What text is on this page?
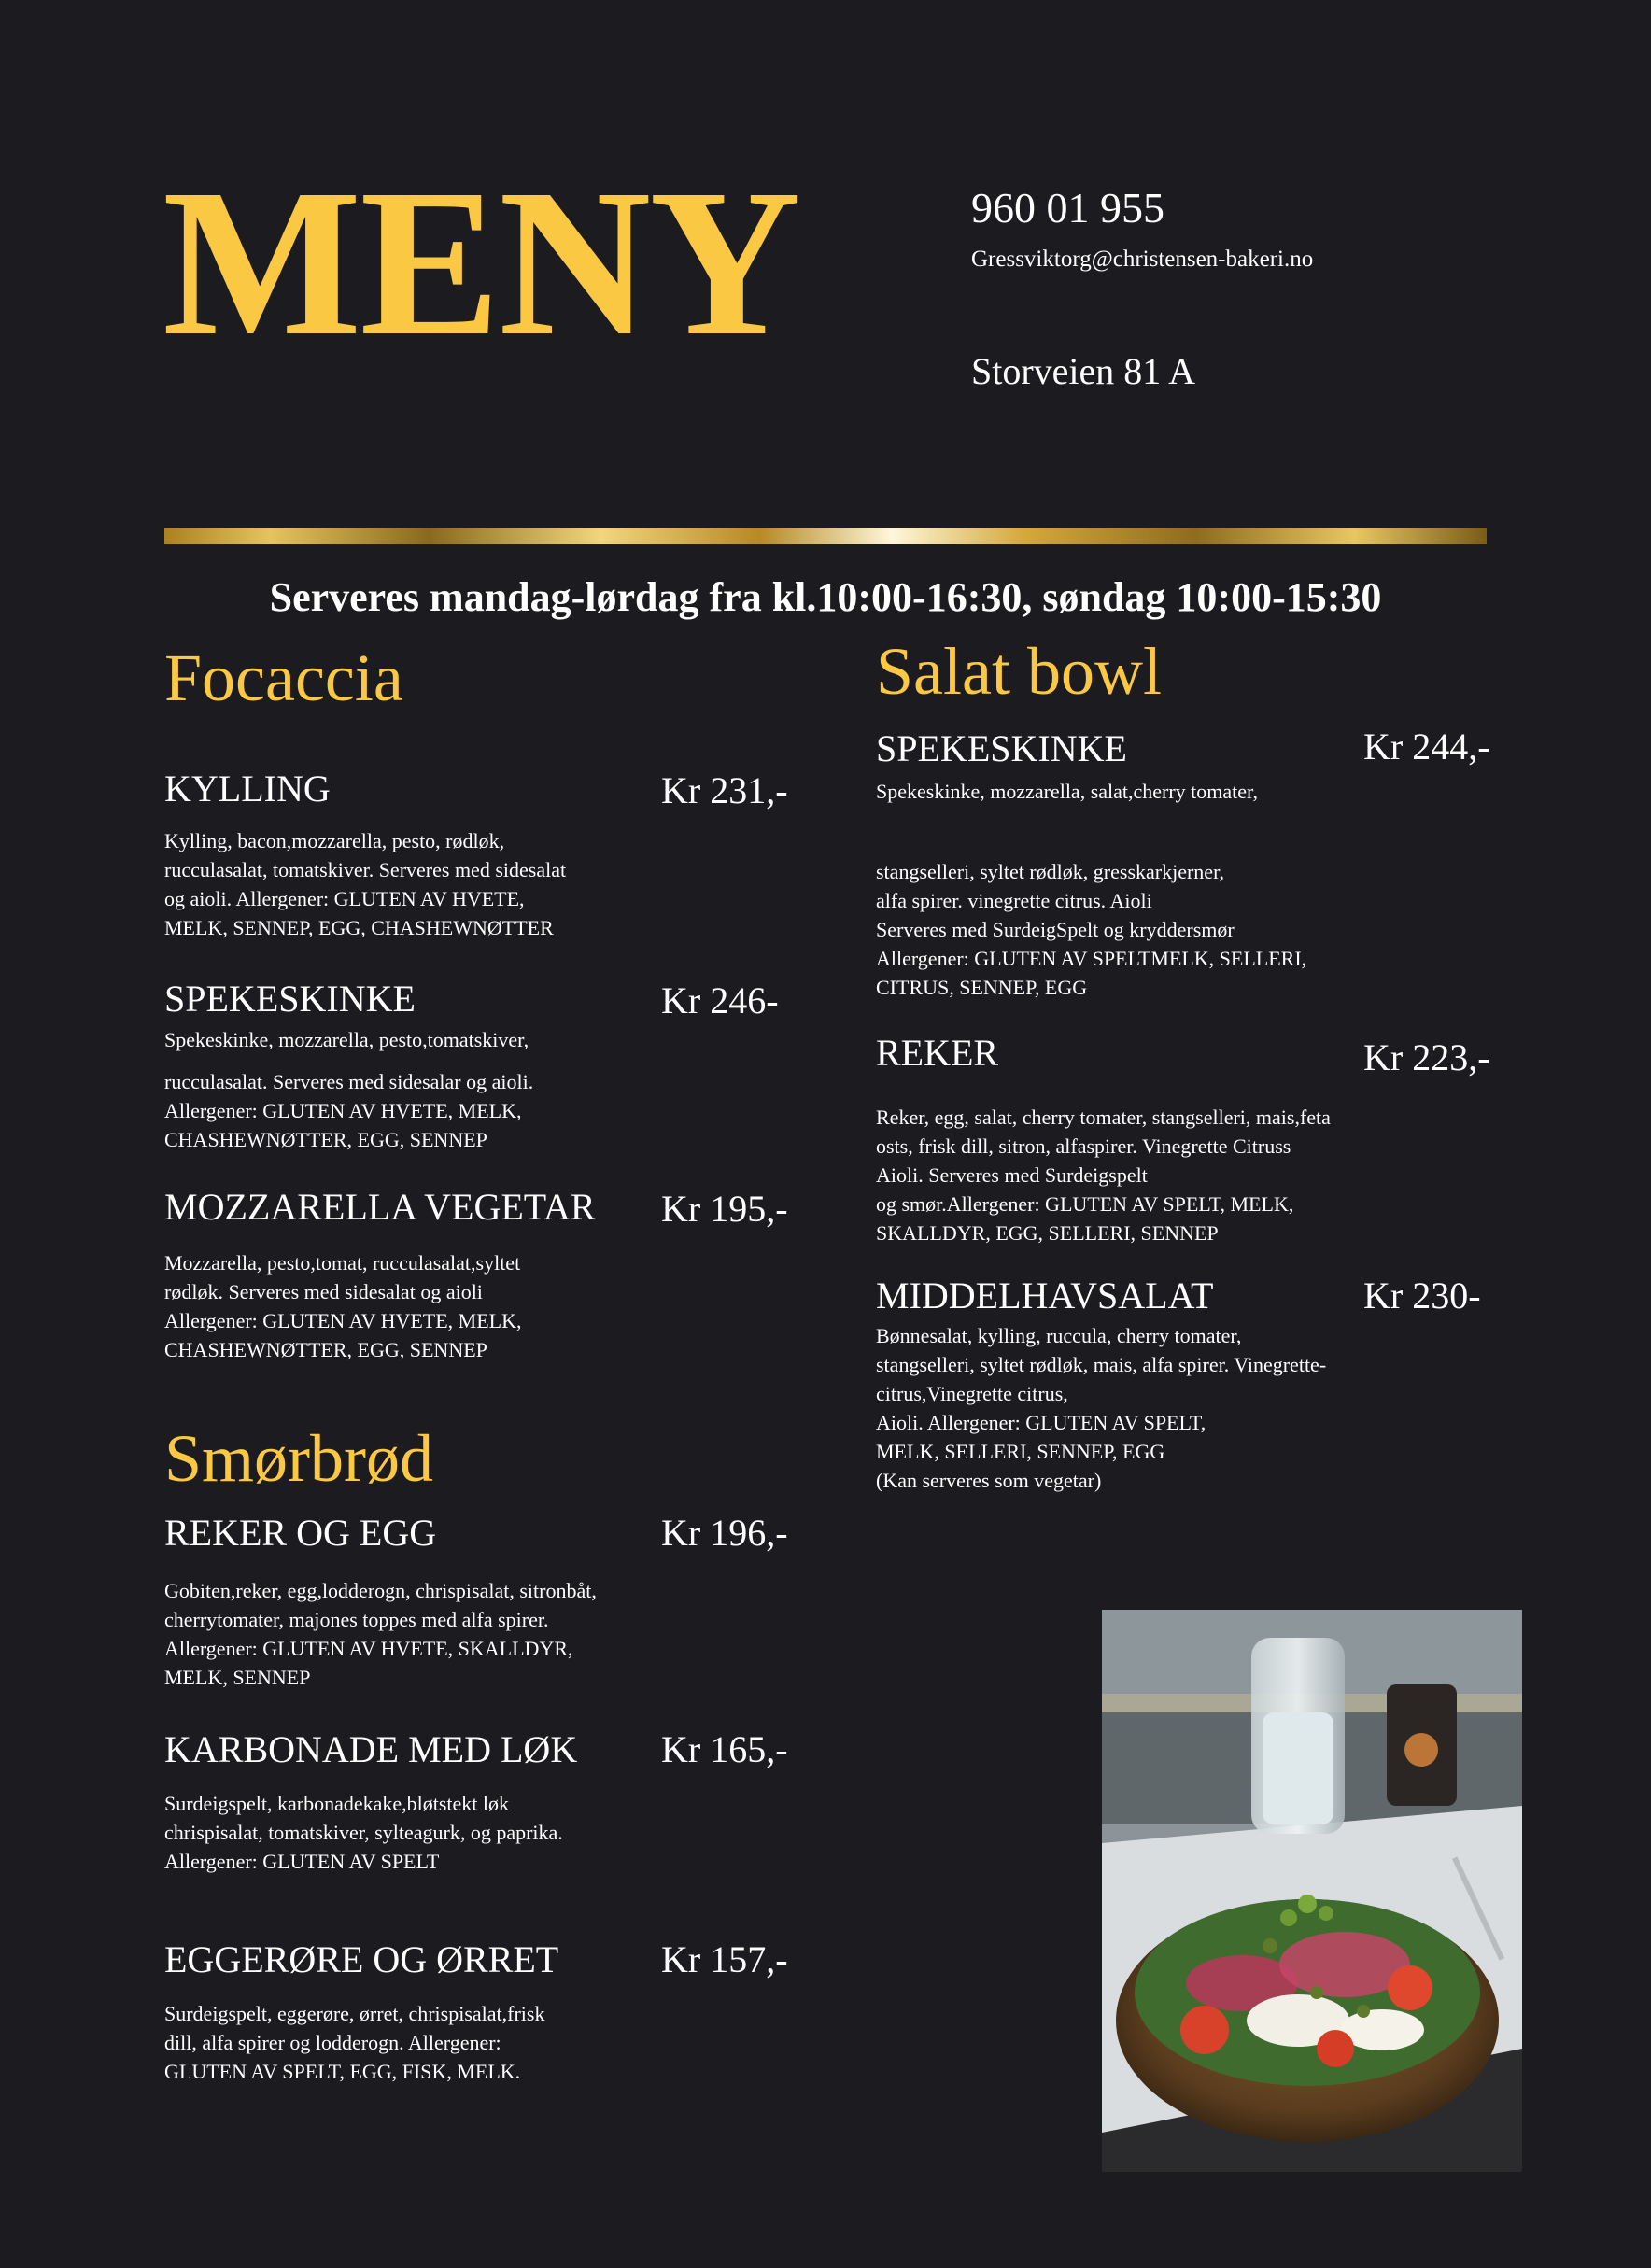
MENY	960 01 955
Gressviktorg@christensen-bakeri.no
Storveien 81 A
Serveres mandag-lørdag fra kl.10:00-16:30, søndag 10:00-15:30
Focaccia
KYLLING	Kr 231,-
Kylling, bacon,mozzarella, pesto, rødløk,
rucculasalat, tomatskiver. Serveres med sidesalat
og aioli. Allergener: GLUTEN AV HVETE,
MELK, SENNEP, EGG, CHASHEWNØTTER
SPEKESKINKE	Kr 246-
Spekeskinke, mozzarella, pesto,tomatskiver,
rucculasalat. Serveres med sidesalar og aioli.
Allergener: GLUTEN AV HVETE, MELK,
CHASHEWNØTTER, EGG, SENNEP
MOZZARELLA VEGETAR Kr 195,-
Mozzarella, pesto,tomat, rucculasalat,syltet
rødløk. Serveres med sidesalat og aioli
Allergener: GLUTEN AV HVETE, MELK,
CHASHEWNØTTER, EGG, SENNEP
Smørbrød
REKER OG EGG	Kr 196,-
Gobiten,reker, egg,lodderogn, chrispisalat, sitronbåt,
cherrytomater, majones toppes med alfa spirer.
Allergener: GLUTEN AV HVETE, SKALLDYR,
MELK, SENNEP
KARBONADE MED LØK Kr 165,-
Surdeigspelt, karbonadekake,bløtstekt løk
chrispisalat, tomatskiver, sylteagurk, og paprika.
Allergener: GLUTEN AV SPELT
EGGERØRE OG ØRRET	Kr 157,-
Surdeigspelt, eggerøre, ørret, chrispisalat,frisk
dill, alfa spirer og lodderogn. Allergener:
GLUTEN AV SPELT, EGG, FISK, MELK.
Salat bowl
SPEKESKINKE	Kr 244,-
Spekeskinke, mozzarella, salat,cherry tomater,
stangselleri, syltet rødløk, gresskarkjerner,
alfa spirer. vinegrette citrus. Aioli
Serveres med SurdeigSpelt og kryddersmør
Allergener: GLUTEN AV SPELTMELK, SELLERI,
CITRUS, SENNEP, EGG
REKER	Kr 223,-
Reker, egg, salat, cherry tomater, stangselleri, mais,feta
osts, frisk dill, sitron, alfaspirer. Vinegrette Citruss
Aioli. Serveres med Surdeigspelt
og smør.Allergener: GLUTEN AV SPELT, MELK,
SKALLDYR, EGG, SELLERI, SENNEP
MIDDELHAVSALAT	Kr 230-
Bønnesalat, kylling, ruccula, cherry tomater,
stangselleri, syltet rødløk, mais, alfa spirer. Vinegrette-
citrus,Vinegrette citrus,
Aioli. Allergener: GLUTEN AV SPELT,
MELK, SELLERI, SENNEP, EGG
(Kan serveres som vegetar)
